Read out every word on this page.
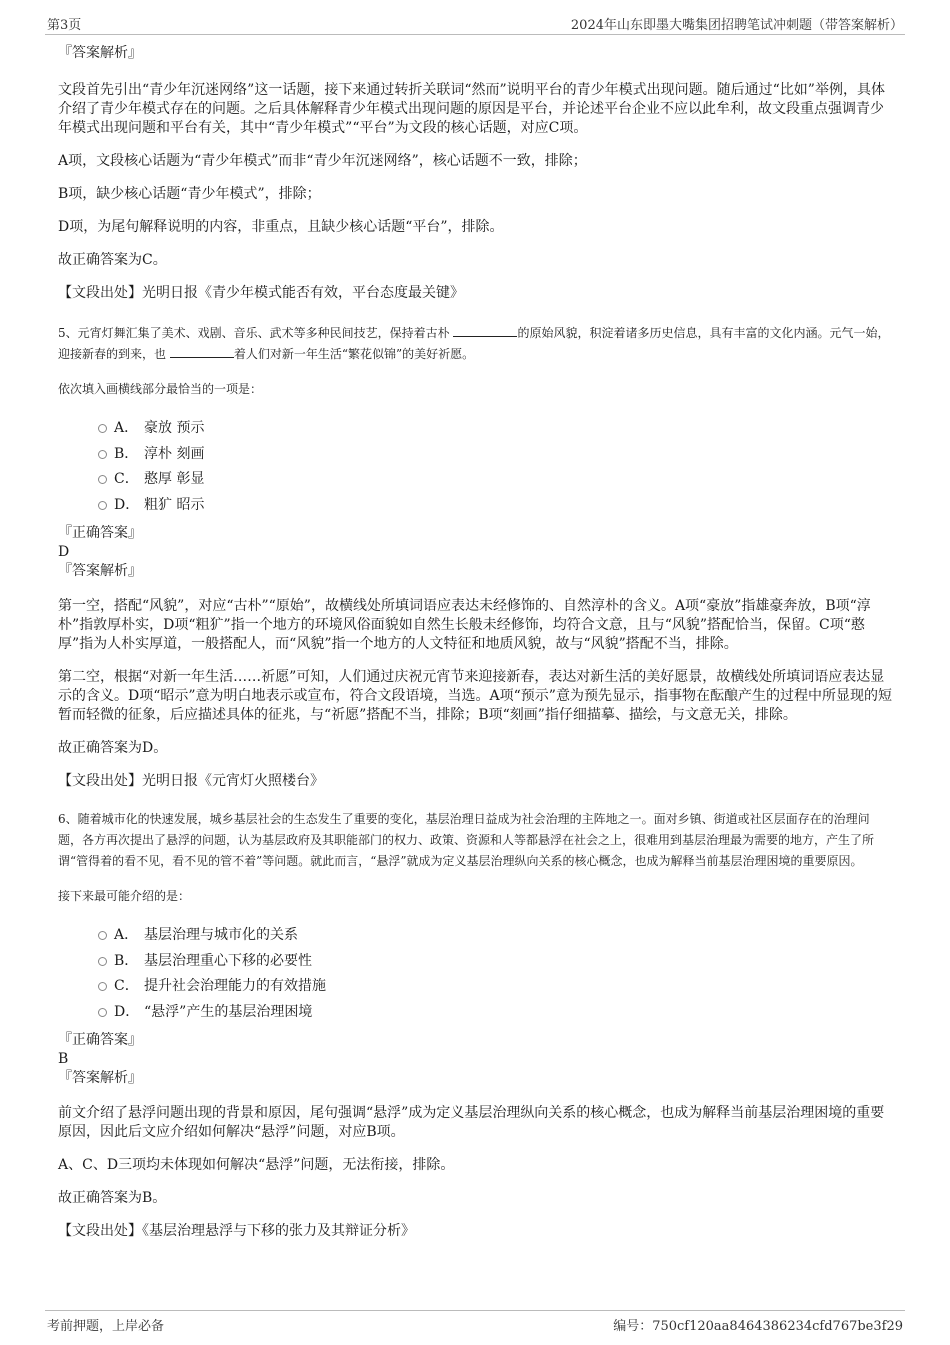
第3页	2024年山东即墨大嘴集团招聘笔试冲刺题（带答案解析）

『答案解析』

文段首先引出“青少年沉迷网络”这一话题，接下来通过转折关联词“然而”说明平台的青少年模式出现问题。随后通过“比如”举例，具体介绍了青少年模式存在的问题。之后具体解释青少年模式出现问题的原因是平台，并论述平台企业不应以此牟利，故文段重点强调青少年模式出现问题和平台有关，其中“青少年模式”“平台”为文段的核心话题，对应C项。

A项，文段核心话题为“青少年模式”而非“青少年沉迷网络”，核心话题不一致，排除；

B项，缺少核心话题“青少年模式”，排除；

D项，为尾句解释说明的内容，非重点，且缺少核心话题“平台”，排除。

故正确答案为C。

【文段出处】光明日报《青少年模式能否有效，平台态度最关键》

5、元宵灯舞汇集了美术、戏剧、音乐、武术等多种民间技艺，保持着古朴	的原始风貌，积淀着诸多历史信息，具有丰富的文化内涵。元气一始，迎接新春的到来，也	着人们对新一年生活“繁花似锦”的美好祈愿。

依次填入画横线部分最恰当的一项是：

A． 豪放 预示
B． 淳朴 刻画
C． 憨厚 彰显
D． 粗犷 昭示

『正确答案』

D

『答案解析』

第一空，搭配“风貌”，对应“古朴”“原始”，故横线处所填词语应表达未经修饰的、自然淳朴的含义。A项“豪放”指雄豪奔放，B项“淳朴”指敦厚朴实，D项“粗犷”指一个地方的环境风俗面貌如自然生长般未经修饰，均符合文意，且与“风貌”搭配恰当，保留。C项“憨厚”指为人朴实厚道，一般搭配人，而“风貌”指一个地方的人文特征和地质风貌，故与“风貌”搭配不当，排除。

第二空，根据“对新一年生活……祈愿”可知，人们通过庆祝元宵节来迎接新春，表达对新生活的美好愿景，故横线处所填词语应表达显示的含义。D项“昭示”意为明白地表示或宣布，符合文段语境，当选。A项“预示”意为预先显示，指事物在酝酿产生的过程中所显现的短暂而轻微的征象，后应描述具体的征兆，与“祈愿”搭配不当，排除；B项“刻画”指仔细描摹、描绘，与文意无关，排除。

故正确答案为D。

【文段出处】光明日报《元宵灯火照楼台》

6、随着城市化的快速发展，城乡基层社会的生态发生了重要的变化，基层治理日益成为社会治理的主阵地之一。面对乡镇、街道或社区层面存在的治理问题，各方再次提出了悬浮的问题，认为基层政府及其职能部门的权力、政策、资源和人等都悬浮在社会之上，很难用到基层治理最为需要的地方，产生了所谓“管得着的看不见，看不见的管不着”等问题。就此而言，“悬浮”就成为定义基层治理纵向关系的核心概念，也成为解释当前基层治理困境的重要原因。

接下来最可能介绍的是：

A． 基层治理与城市化的关系
B． 基层治理重心下移的必要性
C． 提升社会治理能力的有效措施
D． “悬浮”产生的基层治理困境

『正确答案』

B

『答案解析』

前文介绍了悬浮问题出现的背景和原因，尾句强调“悬浮”成为定义基层治理纵向关系的核心概念，也成为解释当前基层治理困境的重要原因，因此后文应介绍如何解决“悬浮”问题，对应B项。

A、C、D三项均未体现如何解决“悬浮”问题，无法衔接，排除。

故正确答案为B。

【文段出处】《基层治理悬浮与下移的张力及其辩证分析》

考前押题，上岸必备	编号：750cf120aa8464386234cfd767be3f29
